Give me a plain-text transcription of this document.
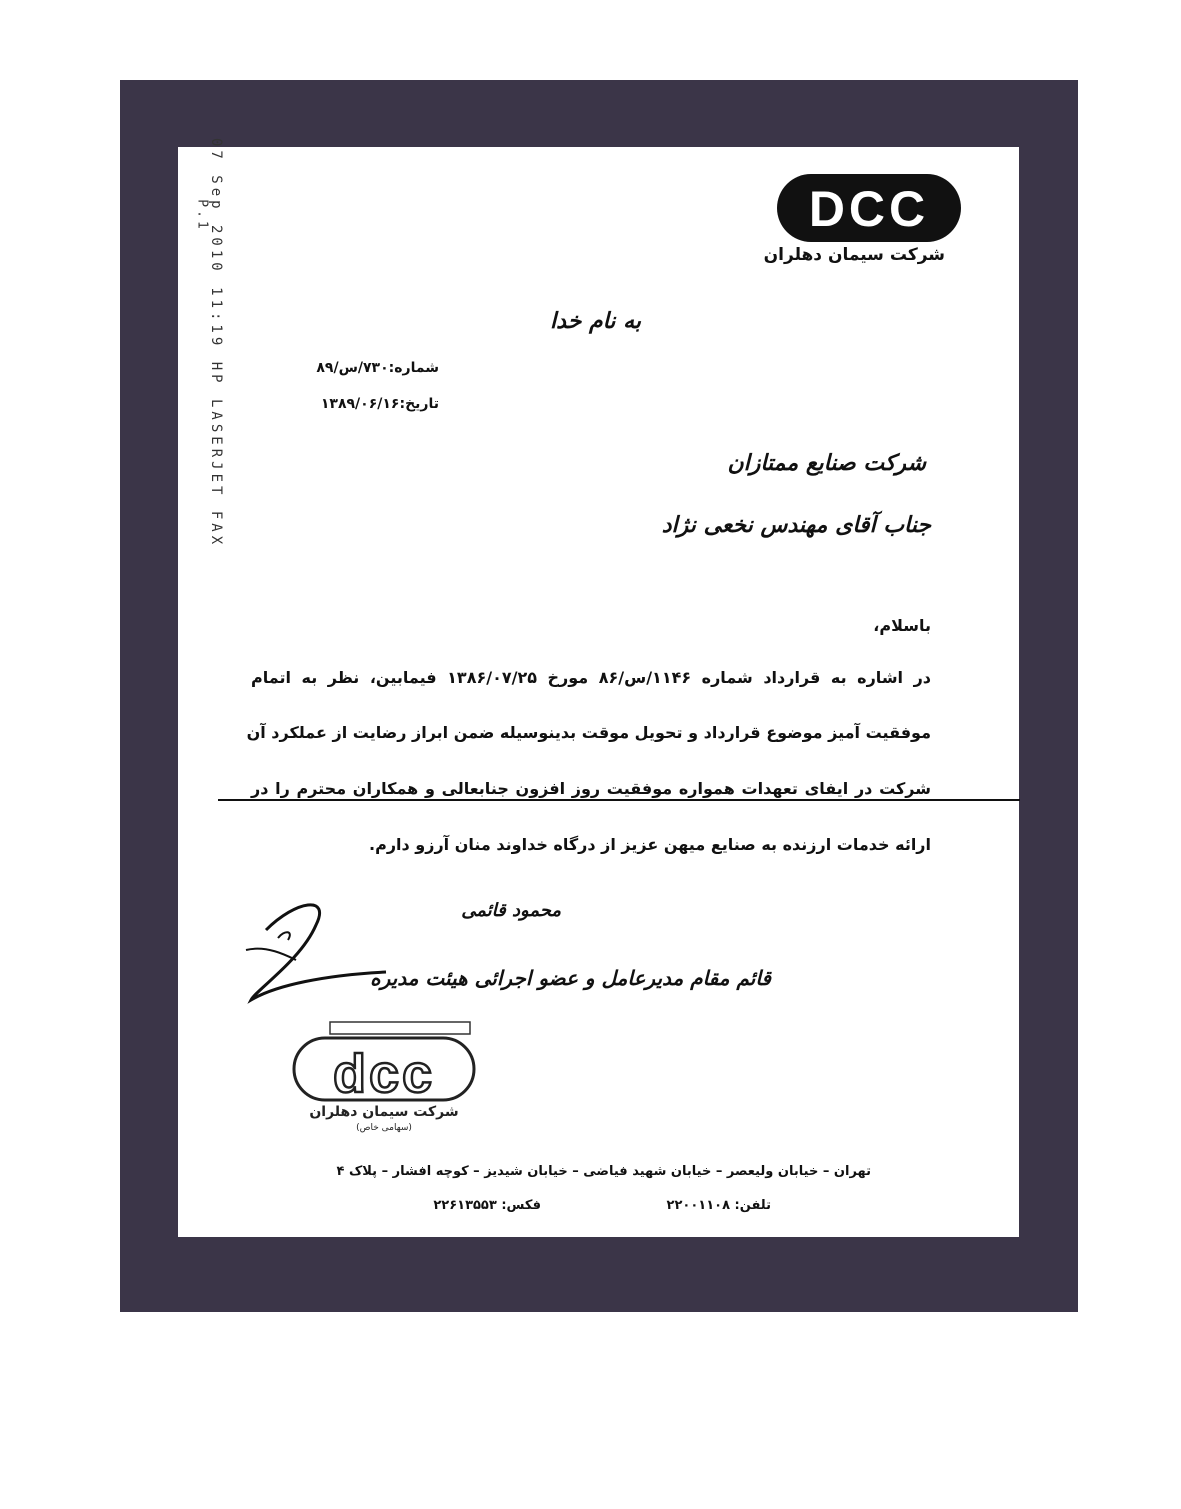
P.1
07 Sep 2010 11:19 HP LASERJET FAX	DCC
شرکت سیمان دهلران
به نام خدا
شماره:۷۳۰/س/۸۹
تاریخ:۱۳۸۹/۰۶/۱۶
شرکت صنایع ممتازان
جناب آقای مهندس نخعی نژاد
باسلام،
در اشاره به قرارداد شماره ۱۱۴۶/س/۸۶ مورخ ۱۳۸۶/۰۷/۲۵ فیمابین، نظر به اتمام
موفقیت آمیز موضوع قرارداد و تحویل موقت بدینوسیله ضمن ابراز رضایت از عملکرد آن
شرکت در ایفای تعهدات همواره موفقیت روز افزون جنابعالی و همکاران محترم را در
ارائه خدمات ارزنده به صنایع میهن عزیز از درگاه خداوند منان آرزو دارم.
محمود قائمی
قائم مقام مدیرعامل و عضو اجرائی هیئت مدیره
dcc
شرکت سیمان دهلران
(سهامی خاص)
تهران – خیابان ولیعصر – خیابان شهید فیاضی – خیابان شیدیز – کوچه افشار – پلاک ۴
تلفن: ۲۲۰۰۱۱۰۸
فکس: ۲۲۶۱۳۵۵۳
